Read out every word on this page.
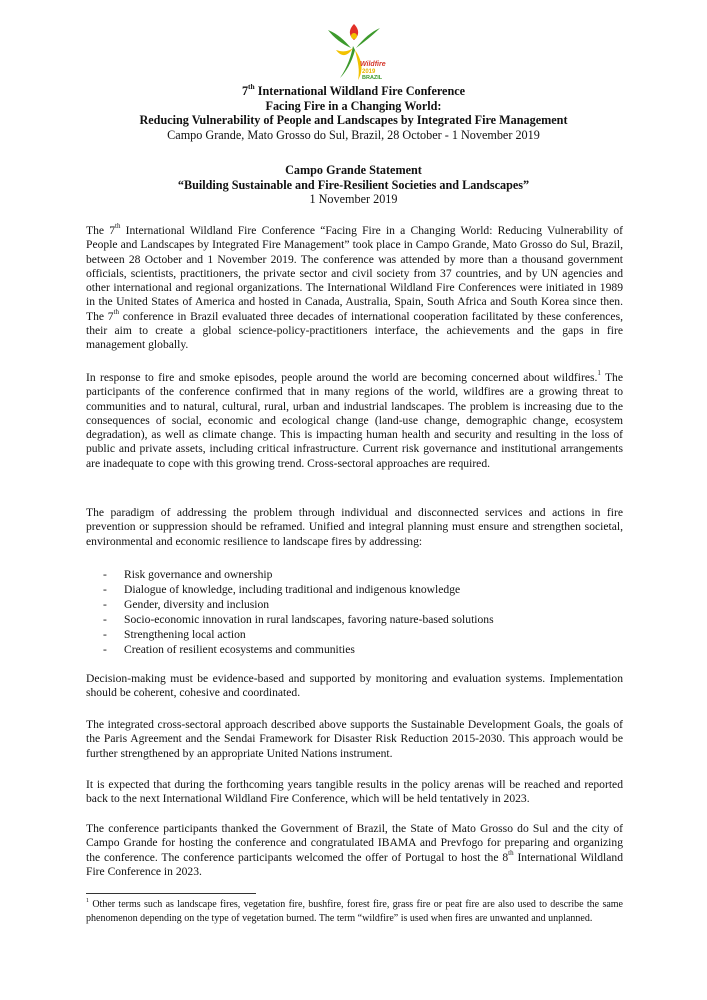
Wildfire
2019
BRAZIL
7th International Wildland Fire Conference
Facing Fire in a Changing World:
Reducing Vulnerability of People and Landscapes by Integrated Fire Management
Campo Grande, Mato Grosso do Sul, Brazil, 28 October - 1 November 2019
Campo Grande Statement
“Building Sustainable and Fire-Resilient Societies and Landscapes”
1 November 2019

The 7th International Wildland Fire Conference “Facing Fire in a Changing World: Reducing Vulnerability of People and Landscapes by Integrated Fire Management” took place in Campo Grande, Mato Grosso do Sul, Brazil, between 28 October and 1 November 2019. The conference was attended by more than a thousand government officials, scientists, practitioners, the private sector and civil society from 37 countries, and by UN agencies and other international and regional organizations. The International Wildland Fire Conferences were initiated in 1989 in the United States of America and hosted in Canada, Australia, Spain, South Africa and South Korea since then. The 7th conference in Brazil evaluated three decades of international cooperation facilitated by these conferences, their aim to create a global science-policy-practitioners interface, the achievements and the gaps in fire management globally.

In response to fire and smoke episodes, people around the world are becoming concerned about wildfires.$^1$ The participants of the conference confirmed that in many regions of the world, wildfires are a growing threat to communities and to natural, cultural, rural, urban and industrial landscapes. The problem is increasing due to the consequences of social, economic and ecological change (land-use change, demographic change, ecosystem degradation), as well as climate change. This is impacting human health and security and resulting in the loss of public and private assets, including critical infrastructure. Current risk governance and institutional arrangements are inadequate to cope with this growing trend. Cross-sectoral approaches are required.

The paradigm of addressing the problem through individual and disconnected services and actions in fire prevention or suppression should be reframed. Unified and integral planning must ensure and strengthen societal, environmental and economic resilience to landscape fires by addressing:

- Risk governance and ownership
- Dialogue of knowledge, including traditional and indigenous knowledge
- Gender, diversity and inclusion
- Socio-economic innovation in rural landscapes, favoring nature-based solutions
- Strengthening local action
- Creation of resilient ecosystems and communities

Decision-making must be evidence-based and supported by monitoring and evaluation systems. Implementation should be coherent, cohesive and coordinated.

The integrated cross-sectoral approach described above supports the Sustainable Development Goals, the goals of the Paris Agreement and the Sendai Framework for Disaster Risk Reduction 2015-2030. This approach would be further strengthened by an appropriate United Nations instrument.

It is expected that during the forthcoming years tangible results in the policy arenas will be reached and reported back to the next International Wildland Fire Conference, which will be held tentatively in 2023.

The conference participants thanked the Government of Brazil, the State of Mato Grosso do Sul and the city of Campo Grande for hosting the conference and congratulated IBAMA and Prevfogo for preparing and organizing the conference. The conference participants welcomed the offer of Portugal to host the 8th International Wildland Fire Conference in 2023.

$^1$ Other terms such as landscape fires, vegetation fire, bushfire, forest fire, grass fire or peat fire are also used to describe the same phenomenon depending on the type of vegetation burned. The term “wildfire” is used when fires are unwanted and unplanned.
